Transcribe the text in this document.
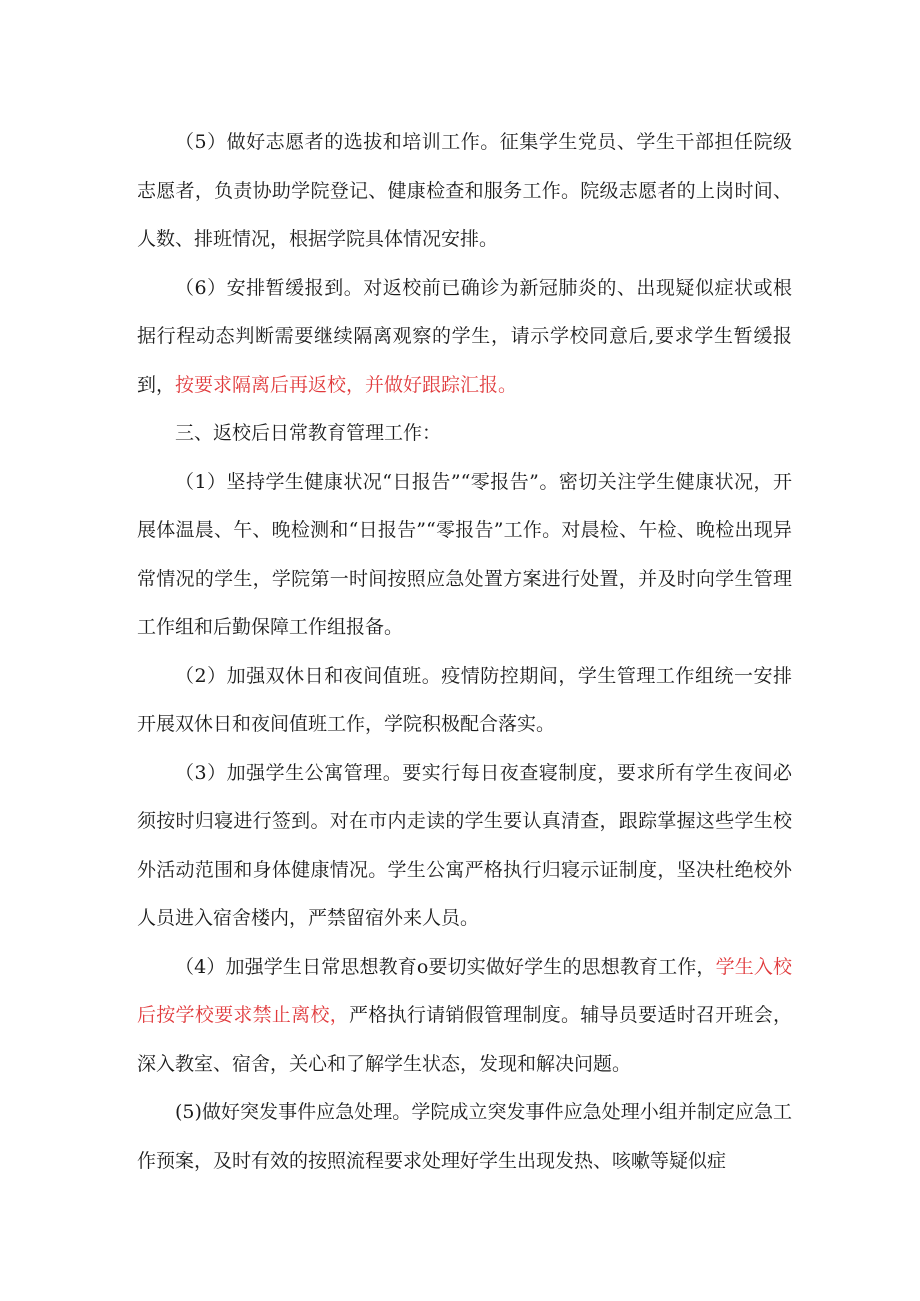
（5）做好志愿者的选拔和培训工作。征集学生党员、学生干部担任院级志愿者，负责协助学院登记、健康检查和服务工作。院级志愿者的上岗时间、人数、排班情况，根据学院具体情况安排。

（6）安排暂缓报到。对返校前已确诊为新冠肺炎的、出现疑似症状或根据行程动态判断需要继续隔离观察的学生，请示学校同意后,要求学生暂缓报到，按要求隔离后再返校，并做好跟踪汇报。

三、返校后日常教育管理工作：

（1）坚持学生健康状况“日报告”“零报告”。密切关注学生健康状况，开展体温晨、午、晚检测和“日报告”“零报告”工作。对晨检、午检、晚检出现异常情况的学生，学院第一时间按照应急处置方案进行处置，并及时向学生管理工作组和后勤保障工作组报备。

（2）加强双休日和夜间值班。疫情防控期间，学生管理工作组统一安排开展双休日和夜间值班工作，学院积极配合落实。

（3）加强学生公寓管理。要实行每日夜查寝制度，要求所有学生夜间必须按时归寝进行签到。对在市内走读的学生要认真清查，跟踪掌握这些学生校外活动范围和身体健康情况。学生公寓严格执行归寝示证制度，坚决杜绝校外人员进入宿舍楼内，严禁留宿外来人员。

（4）加强学生日常思想教育o要切实做好学生的思想教育工作，学生入校后按学校要求禁止离校，严格执行请销假管理制度。辅导员要适时召开班会，深入教室、宿舍，关心和了解学生状态，发现和解决问题。

(5)做好突发事件应急处理。学院成立突发事件应急处理小组并制定应急工作预案，及时有效的按照流程要求处理好学生出现发热、咳嗽等疑似症
